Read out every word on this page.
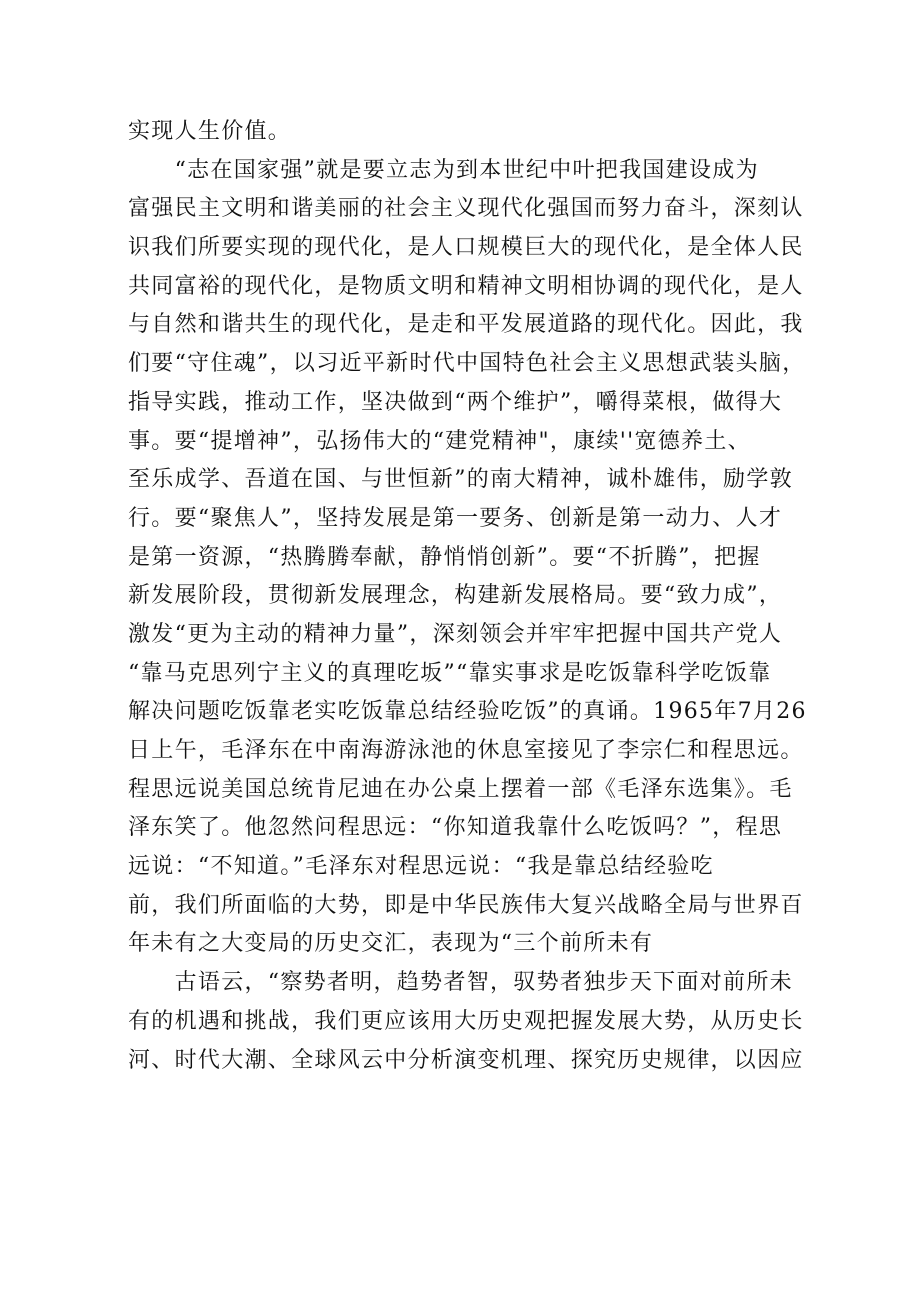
实现人生价值。
　　“志在国家强”就是要立志为到本世纪中叶把我国建设成为
富强民主文明和谐美丽的社会主义现代化强国而努力奋斗，深刻认
识我们所要实现的现代化，是人口规模巨大的现代化，是全体人民
共同富裕的现代化，是物质文明和精神文明相协调的现代化，是人
与自然和谐共生的现代化，是走和平发展道路的现代化。因此，我
们要“守住魂”，以习近平新时代中国特色社会主义思想武装头脑，
指导实践，推动工作，坚决做到“两个维护”，嚼得菜根，做得大
事。要“提增神”，弘扬伟大的“建党精神"，康续''宽德养土、
至乐成学、吾道在国、与世恒新”的南大精神，诚朴雄伟，励学敦
行。要“聚焦人”，坚持发展是第一要务、创新是第一动力、人才
是第一资源，“热腾腾奉献，静悄悄创新”。要“不折腾”，把握
新发展阶段，贯彻新发展理念，构建新发展格局。要“致力成”，
激发“更为主动的精神力量”，深刻领会并牢牢把握中国共产党人
“靠马克思列宁主义的真理吃坂”“靠实事求是吃饭靠科学吃饭靠
解决问题吃饭靠老实吃饭靠总结经验吃饭”的真诵。1965年7月26
日上午，毛泽东在中南海游泳池的休息室接见了李宗仁和程思远。
程思远说美国总统肯尼迪在办公桌上摆着一部《毛泽东选集》。毛
泽东笑了。他忽然问程思远：“你知道我靠什么吃饭吗？”，程思
远说：“不知道。”毛泽东对程思远说：“我是靠总结经验吃
前，我们所面临的大势，即是中华民族伟大复兴战略全局与世界百
年未有之大变局的历史交汇，表现为“三个前所未有
　　古语云，“察势者明，趋势者智，驭势者独步天下面对前所未
有的机遇和挑战，我们更应该用大历史观把握发展大势，从历史长
河、时代大潮、全球风云中分析演变机理、探究历史规律，以因应
